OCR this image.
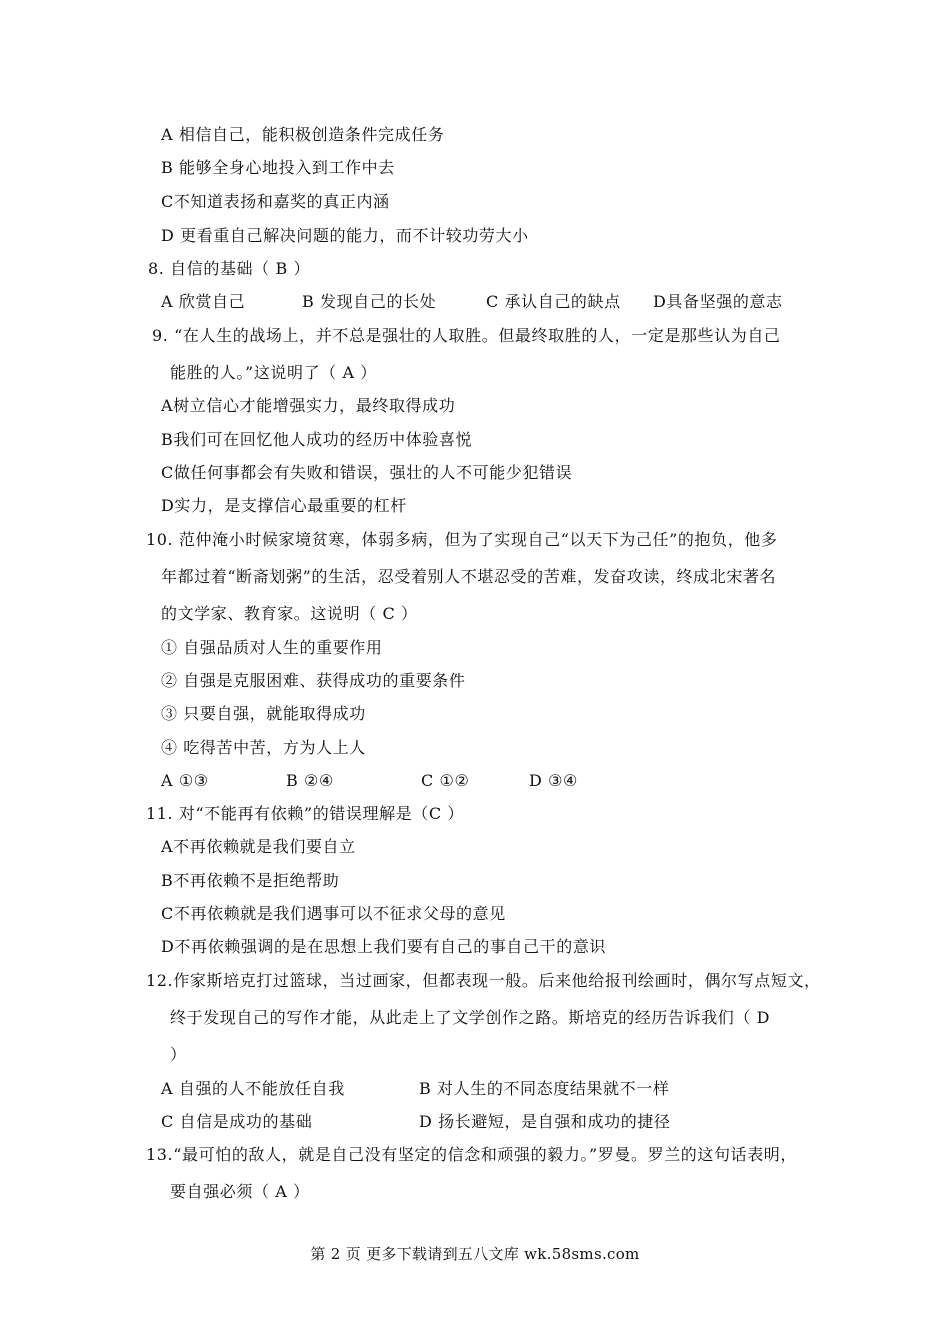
A 相信自己，能积极创造条件完成任务
B 能够全身心地投入到工作中去
C不知道表扬和嘉奖的真正内涵
D 更看重自己解决问题的能力，而不计较功劳大小
8. 自信的基础（ B ）
A 欣赏自己	B 发现自己的长处	C 承认自己的缺点 D具备坚强的意志
9. “在人生的战场上，并不总是强壮的人取胜。但最终取胜的人，一定是那些认为自己
能胜的人。”这说明了（ A ）
A树立信心才能增强实力，最终取得成功
B我们可在回忆他人成功的经历中体验喜悦
C做任何事都会有失败和错误，强壮的人不可能少犯错误
D实力，是支撑信心最重要的杠杆
10. 范仲淹小时候家境贫寒，体弱多病，但为了实现自己“以天下为己任”的抱负，他多
年都过着“断斋划粥”的生活，忍受着别人不堪忍受的苦难，发奋攻读，终成北宋著名
的文学家、教育家。这说明（ C ）
① 自强品质对人生的重要作用
② 自强是克服困难、获得成功的重要条件
③ 只要自强，就能取得成功
④ 吃得苦中苦，方为人上人
A ①③	B ②④	C ①②	D ③④
11. 对“不能再有依赖”的错误理解是（C ）
A不再依赖就是我们要自立
B不再依赖不是拒绝帮助
C不再依赖就是我们遇事可以不征求父母的意见
D不再依赖强调的是在思想上我们要有自己的事自己干的意识
12.作家斯培克打过篮球，当过画家，但都表现一般。后来他给报刊绘画时，偶尔写点短文，
终于发现自己的写作才能，从此走上了文学创作之路。斯培克的经历告诉我们（ D
）
A 自强的人不能放任自我	B 对人生的不同态度结果就不一样
C 自信是成功的基础	D 扬长避短，是自强和成功的捷径
13.“最可怕的敌人，就是自己没有坚定的信念和顽强的毅力。”罗曼。罗兰的这句话表明，
要自强必须（ A ）
第 2 页 更多下载请到五八文库 wk.58sms.com
